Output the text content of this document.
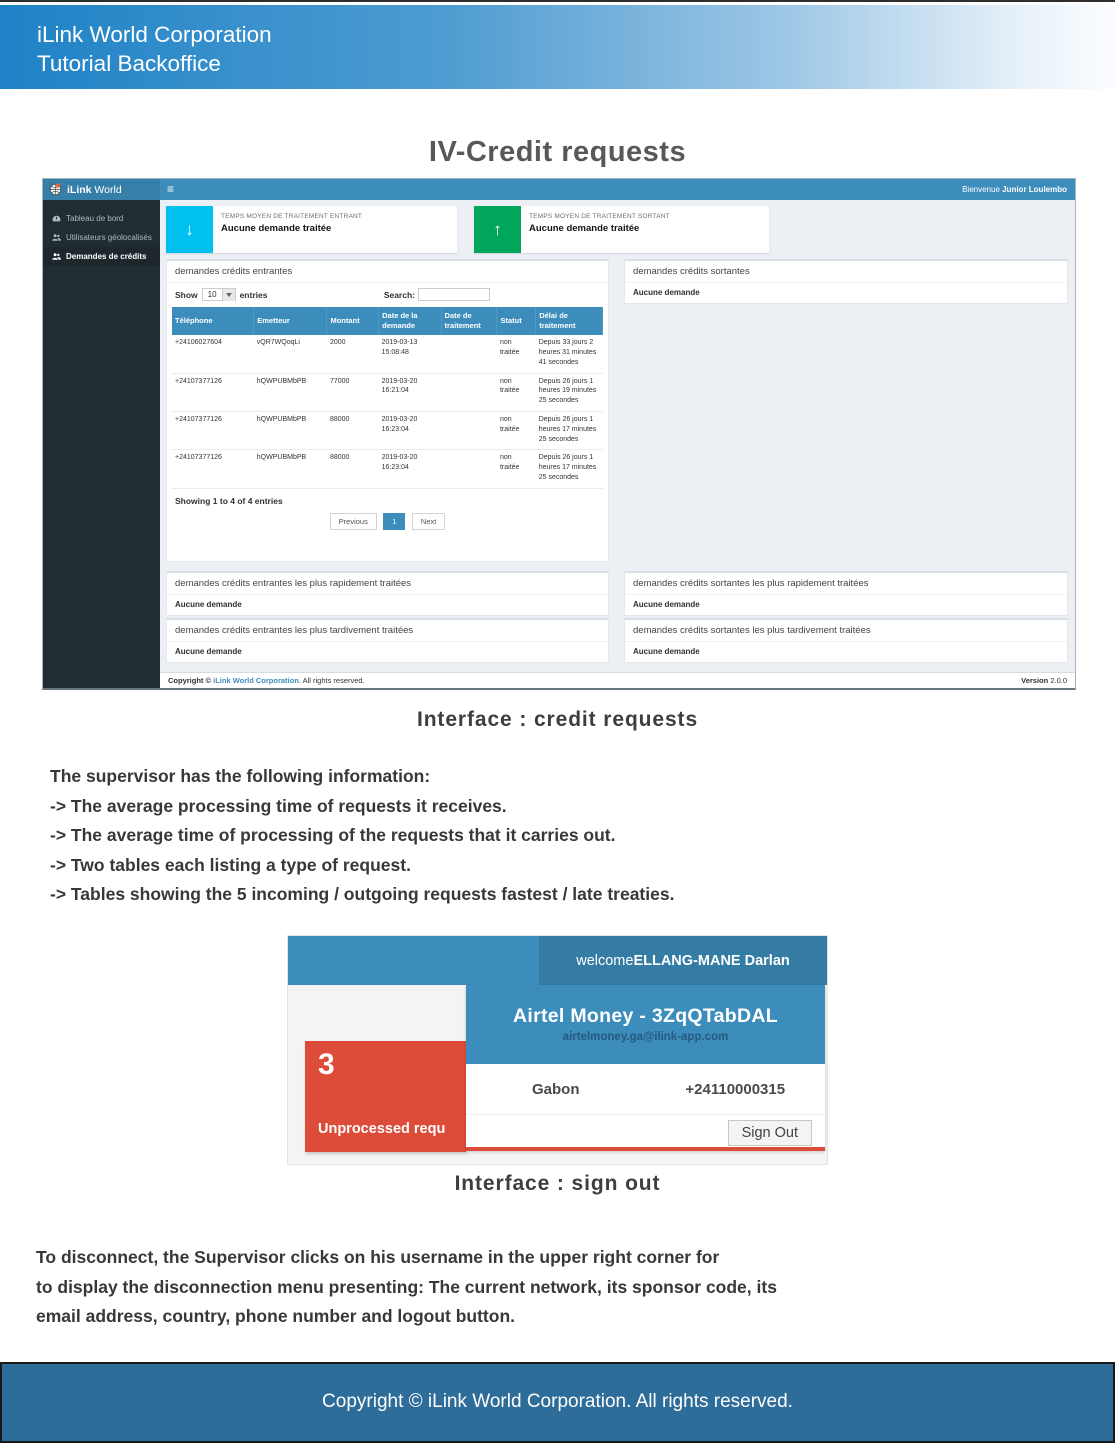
iLink World Corporation
Tutorial Backoffice
IV-Credit requests
iLink World	≡	Bienvenue Junior Loulembo
Tableau de bord
Utilisateurs géolocalisés
Demandes de crédits
↓
TEMPS MOYEN DE TRAITEMENT ENTRANT
Aucune demande traitée	↑
TEMPS MOYEN DE TRAITEMENT SORTANT
Aucune demande traitée
demandes crédits entrantes
Show	10	entries	Search:
Téléphone	Emetteur	Montant	Date de la demande	Date de traitement	Statut	Délai de traitement
+24106027604	vQR7WQoqLi	2000	2019-03-13 15:08:48		non traitée	Depuis 33 jours 2 heures 31 minutes 41 secondes
+24107377126	hQWPUBMbPB	77000	2019-03-20 16:21:04		non traitée	Depuis 26 jours 1 heures 19 minutes 25 secondes
+24107377126	hQWPUBMbPB	88000	2019-03-20 16:23:04		non traitée	Depuis 26 jours 1 heures 17 minutes 25 secondes
+24107377126	hQWPUBMbPB	88000	2019-03-20 16:23:04		non traitée	Depuis 26 jours 1 heures 17 minutes 25 secondes
Showing 1 to 4 of 4 entries
Previous	1	Next
demandes crédits sortantes
Aucune demande
demandes crédits entrantes les plus rapidement traitées
Aucune demande
demandes crédits sortantes les plus rapidement traitées
Aucune demande
demandes crédits entrantes les plus tardivement traitées
Aucune demande
demandes crédits sortantes les plus tardivement traitées
Aucune demande
Copyright © iLink World Corporation. All rights reserved.	Version 2.0.0
Interface : credit requests
The supervisor has the following information:
-> The average processing time of requests it receives.
-> The average time of processing of the requests that it carries out.
-> Two tables each listing a type of request.
-> Tables showing the 5 incoming / outgoing requests fastest / late treaties.
welcome ELLANG-MANE Darlan
3
Unprocessed requ
Airtel Money - 3ZqQTabDAL
airtelmoney.ga@ilink-app.com
Gabon	+24110000315
Sign Out
Interface : sign out
To disconnect, the Supervisor clicks on his username in the upper right corner for
to display the disconnection menu presenting: The current network, its sponsor code, its
email address, country, phone number and logout button.
Copyright © iLink World Corporation. All rights reserved.
